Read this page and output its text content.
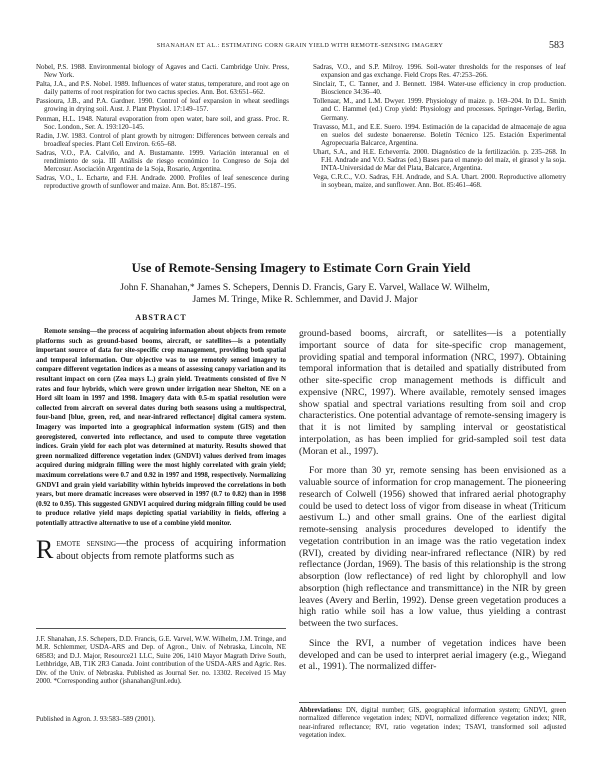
SHANAHAN ET AL.: ESTIMATING CORN GRAIN YIELD WITH REMOTE-SENSING IMAGERY	583

Nobel, P.S. 1988. Environmental biology of Agaves and Cacti. Cambridge Univ. Press, New York.

Palta, J.A., and P.S. Nobel. 1989. Influences of water status, temperature, and root age on daily patterns of root respiration for two cactus species. Ann. Bot. 63:651–662.

Passioura, J.B., and P.A. Gardner. 1990. Control of leaf expansion in wheat seedlings growing in drying soil. Aust. J. Plant Physiol. 17:149–157.

Penman, H.L. 1948. Natural evaporation from open water, bare soil, and grass. Proc. R. Soc. London., Ser. A. 193:120–145.

Radin, J.W. 1983. Control of plant growth by nitrogen: Differences between cereals and broadleaf species. Plant Cell Environ. 6:65–68.

Sadras, V.O., P.A. Calviño, and A. Bustamante. 1999. Variación interanual en el rendimiento de soja. III Análisis de riesgo económico 1o Congreso de Soja del Mercosur. Asociación Argentina de la Soja, Rosario, Argentina.

Sadras, V.O., L. Echarte, and F.H. Andrade. 2000. Profiles of leaf senescence during reproductive growth of sunflower and maize. Ann. Bot. 85:187–195.

Sadras, V.O., and S.P. Milroy. 1996. Soil-water thresholds for the responses of leaf expansion and gas exchange. Field Crops Res. 47:253–266.

Sinclair, T., C. Tanner, and J. Bennett. 1984. Water-use efficiency in crop production. Bioscience 34:36–40.

Tollenaar, M., and L.M. Dwyer. 1999. Physiology of maize. p. 169–204. In D.L. Smith and C. Hammel (ed.) Crop yield: Physiology and processes. Springer-Verlag, Berlin, Germany.

Travasso, M.I., and E.E. Suero. 1994. Estimación de la capacidad de almacenaje de agua en suelos del sudeste bonaerense. Boletín Técnico 125. Estación Experimental Agropecuaria Balcarce, Argentina.

Uhart, S.A., and H.E. Echeverría. 2000. Diagnóstico de la fertilización. p. 235–268. In F.H. Andrade and V.O. Sadras (ed.) Bases para el manejo del maíz, el girasol y la soja. INTA-Universidad de Mar del Plata, Balcarce, Argentina.

Vega, C.R.C., V.O. Sadras, F.H. Andrade, and S.A. Uhart. 2000. Reproductive allometry in soybean, maize, and sunflower. Ann. Bot. 85:461–468.

Use of Remote-Sensing Imagery to Estimate Corn Grain Yield
John F. Shanahan,* James S. Schepers, Dennis D. Francis, Gary E. Varvel, Wallace W. Wilhelm,
James M. Tringe, Mike R. Schlemmer, and David J. Major
ABSTRACT

Remote sensing—the process of acquiring information about objects from remote platforms such as ground-based booms, aircraft, or satellites—is a potentially important source of data for site-specific crop management, providing both spatial and temporal information. Our objective was to use remotely sensed imagery to compare different vegetation indices as a means of assessing canopy variation and its resultant impact on corn (Zea mays L.) grain yield. Treatments consisted of five N rates and four hybrids, which were grown under irrigation near Shelton, NE on a Hord silt loam in 1997 and 1998. Imagery data with 0.5-m spatial resolution were collected from aircraft on several dates during both seasons using a multispectral, four-band [blue, green, red, and near-infrared reflectance] digital camera system. Imagery was imported into a geographical information system (GIS) and then georegistered, converted into reflectance, and used to compute three vegetation indices. Grain yield for each plot was determined at maturity. Results showed that green normalized difference vegetation index (GNDVI) values derived from images acquired during midgrain filling were the most highly correlated with grain yield; maximum correlations were 0.7 and 0.92 in 1997 and 1998, respectively. Normalizing GNDVI and grain yield variability within hybrids improved the correlations in both years, but more dramatic increases were observed in 1997 (0.7 to 0.82) than in 1998 (0.92 to 0.95). This suggested GNDVI acquired during midgrain filling could be used to produce relative yield maps depicting spatial variability in fields, offering a potentially attractive alternative to use of a combine yield monitor.

Remote sensing—the process of acquiring information about objects from remote platforms such as
J.F. Shanahan, J.S. Schepers, D.D. Francis, G.E. Varvel, W.W. Wilhelm, J.M. Tringe, and M.R. Schlemmer, USDA-ARS and Dep. of Agron., Univ. of Nebraska, Lincoln, NE 68583; and D.J. Major, Resource21 LLC, Suite 206, 1410 Mayor Magrath Drive South, Lethbridge, AB, T1K 2R3 Canada. Joint contribution of the USDA-ARS and Agric. Res. Div. of the Univ. of Nebraska. Published as Journal Ser. no. 13302. Received 15 May 2000. *Corresponding author (jshanahan@unl.edu).
Published in Agron. J. 93:583–589 (2001).

ground-based booms, aircraft, or satellites—is a potentially important source of data for site-specific crop management, providing spatial and temporal information (NRC, 1997). Obtaining temporal information that is detailed and spatially distributed from other site-specific crop management methods is difficult and expensive (NRC, 1997). Where available, remotely sensed images show spatial and spectral variations resulting from soil and crop characteristics. One potential advantage of remote-sensing imagery is that it is not limited by sampling interval or geostatistical interpolation, as has been implied for grid-sampled soil test data (Moran et al., 1997).

For more than 30 yr, remote sensing has been envisioned as a valuable source of information for crop management. The pioneering research of Colwell (1956) showed that infrared aerial photography could be used to detect loss of vigor from disease in wheat (Triticum aestivum L.) and other small grains. One of the earliest digital remote-sensing analysis procedures developed to identify the vegetation contribution in an image was the ratio vegetation index (RVI), created by dividing near-infrared reflectance (NIR) by red reflectance (Jordan, 1969). The basis of this relationship is the strong absorption (low reflectance) of red light by chlorophyll and low absorption (high reflectance and transmittance) in the NIR by green leaves (Avery and Berlin, 1992). Dense green vegetation produces a high ratio while soil has a low value, thus yielding a contrast between the two surfaces.

Since the RVI, a number of vegetation indices have been developed and can be used to interpret aerial imagery (e.g., Wiegand et al., 1991). The normalized differ-

Abbreviations: DN, digital number; GIS, geographical information system; GNDVI, green normalized difference vegetation index; NDVI, normalized difference vegetation index; NIR, near-infrared reflectance; RVI, ratio vegetation index; TSAVI, transformed soil adjusted vegetation index.
